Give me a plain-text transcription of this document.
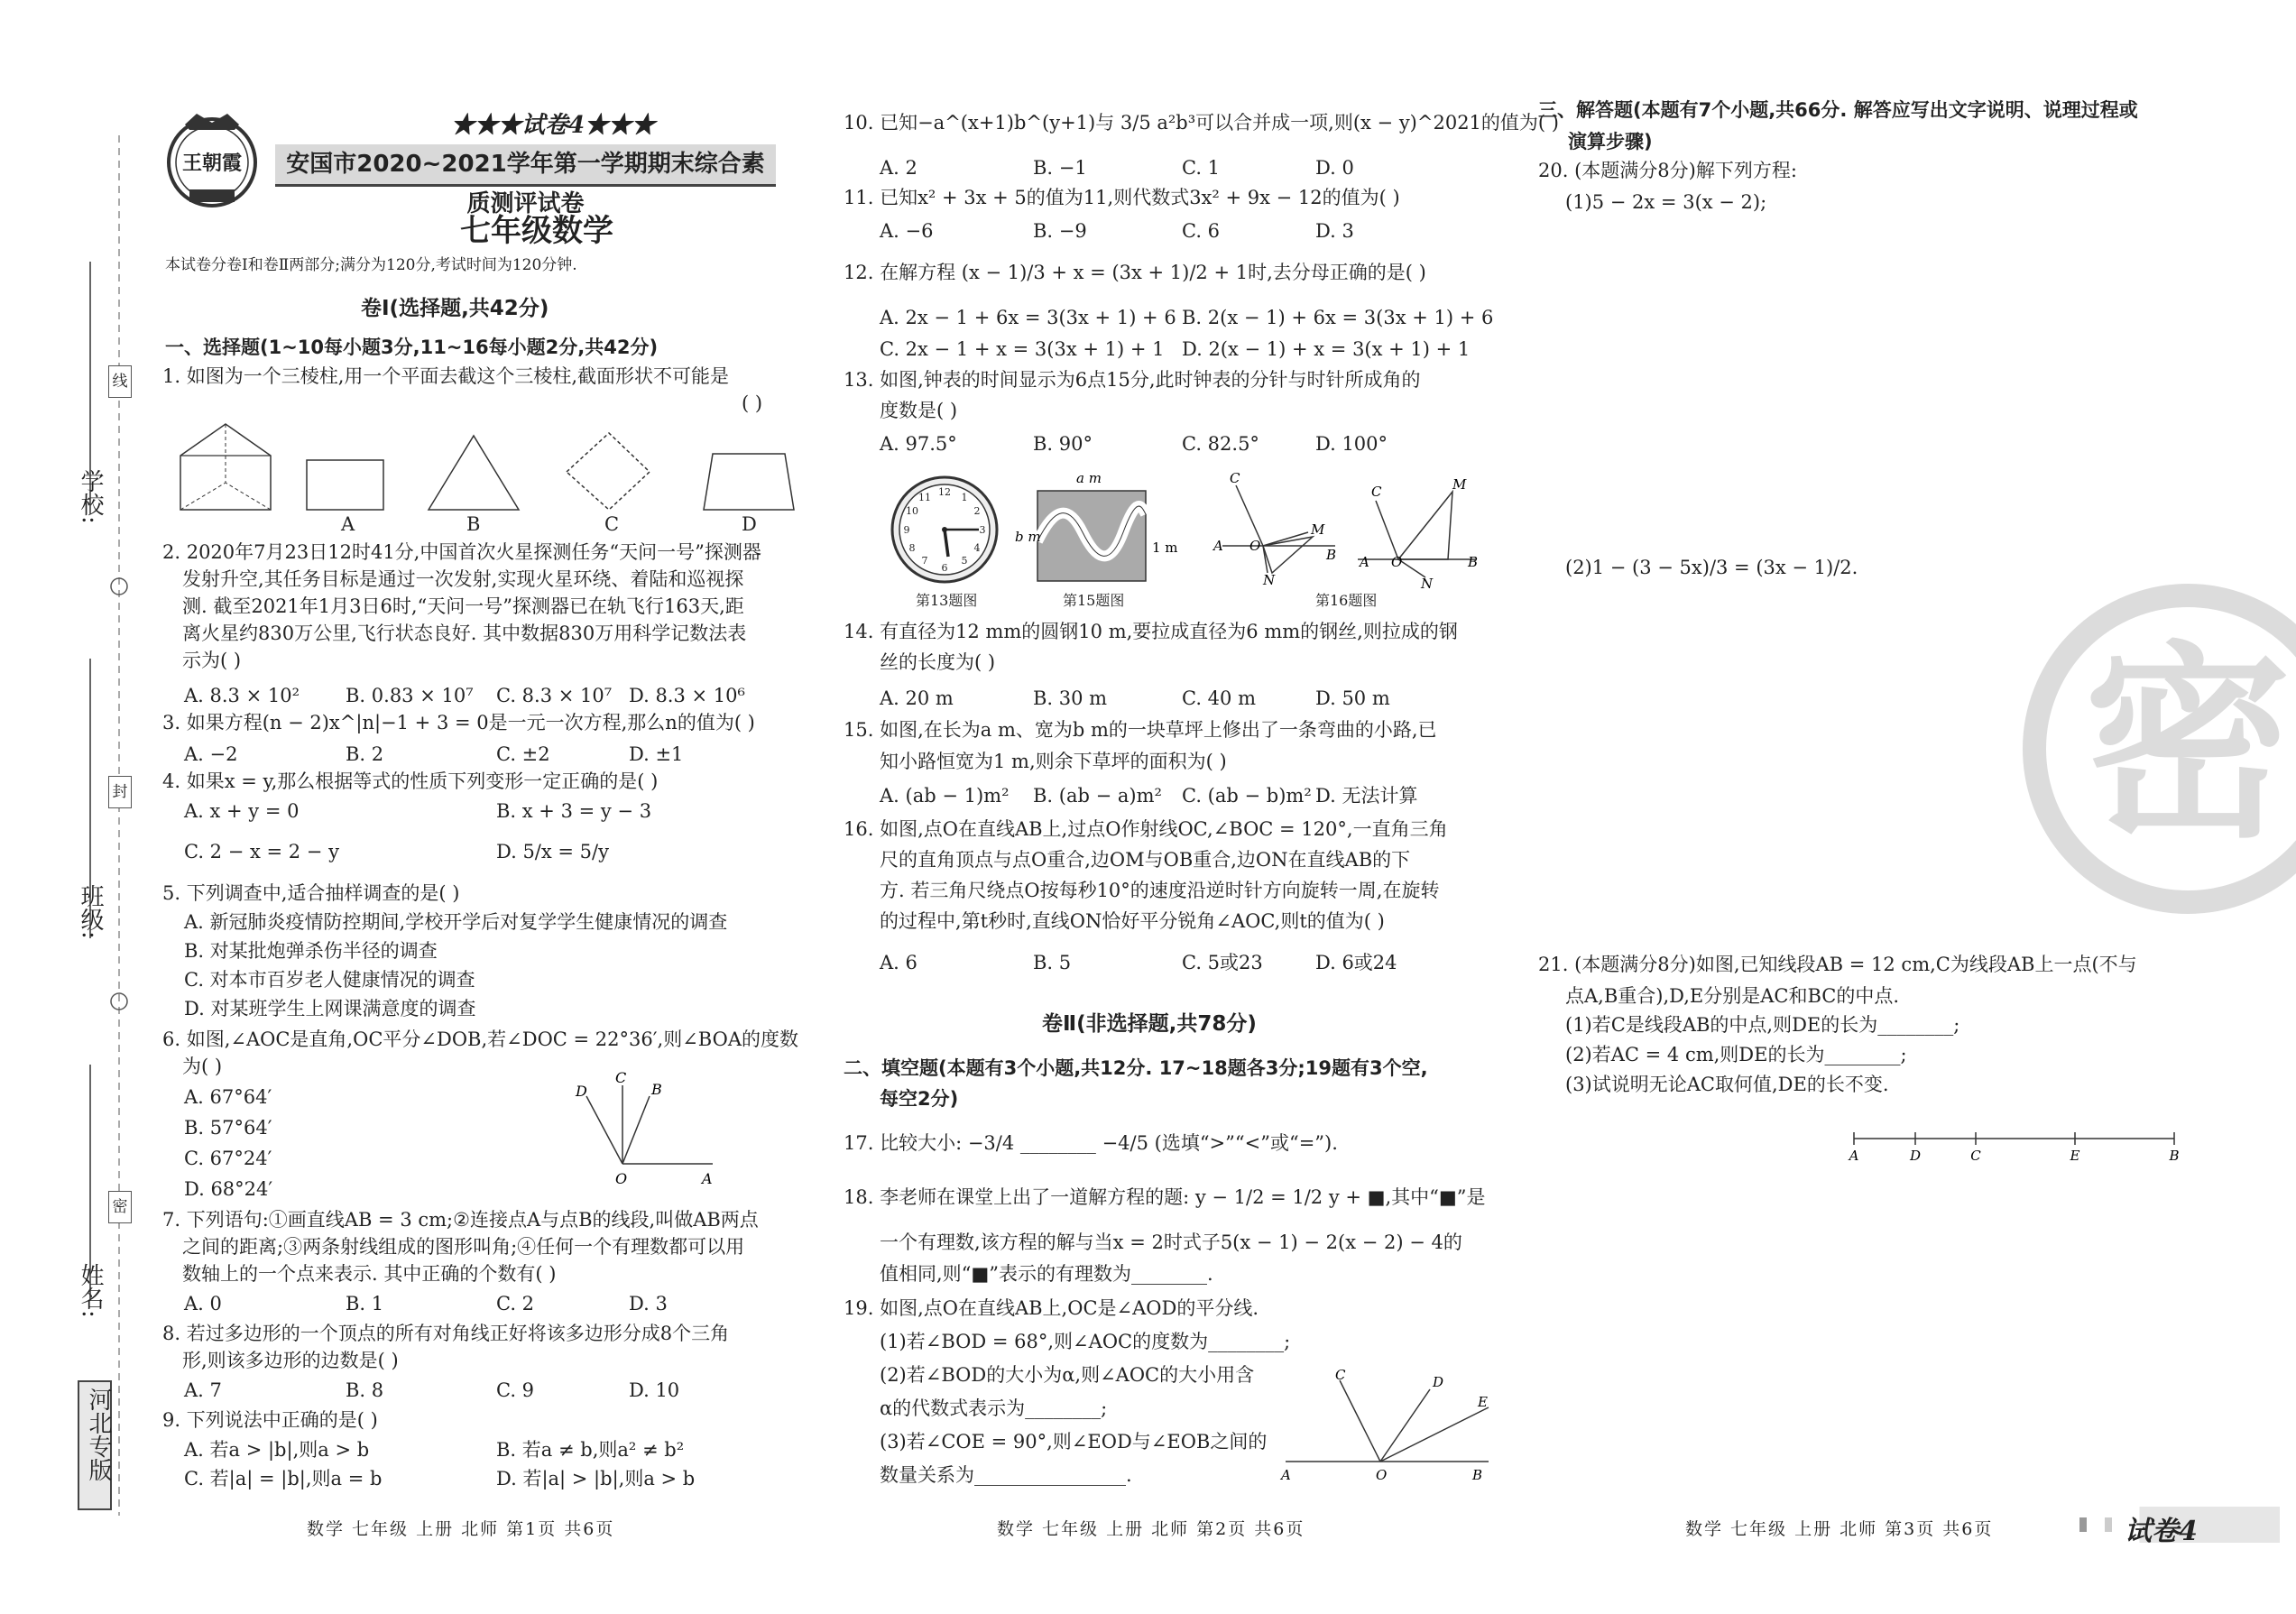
学校:
班级:
姓名:
线
封
密
河北专版
王朝霞
★★★试卷4★★★
安国市2020~2021学年第一学期期末综合素质测评试卷
七年级数学
本试卷分卷Ⅰ和卷Ⅱ两部分;满分为120分,考试时间为120分钟.
卷Ⅰ(选择题,共42分)
一、选择题(1~10每小题3分,11~16每小题2分,共42分)
1. 如图为一个三棱柱,用一个平面去截这个三棱柱,截面形状不可能是
( )
A	B	C	D
2. 2020年7月23日12时41分,中国首次火星探测任务“天问一号”探测器
发射升空,其任务目标是通过一次发射,实现火星环绕、着陆和巡视探
测. 截至2021年1月3日6时,“天问一号”探测器已在轨飞行163天,距
离火星约830万公里,飞行状态良好. 其中数据830万用科学记数法表
示为( )
A. 8.3 × 10² B. 0.83 × 10⁷ C. 8.3 × 10⁷ D. 8.3 × 10⁶
3. 如果方程(n − 2)x^|n|−1 + 3 = 0是一元一次方程,那么n的值为( )
A. −2	B. 2	C. ±2	D. ±1
4. 如果x = y,那么根据等式的性质下列变形一定正确的是( )
A. x + y = 0	B. x + 3 = y − 3
C. 2 − x = 2 − y	D. 5/x = 5/y
5. 下列调查中,适合抽样调查的是( )
A. 新冠肺炎疫情防控期间,学校开学后对复学学生健康情况的调查
B. 对某批炮弹杀伤半径的调查
C. 对本市百岁老人健康情况的调查
D. 对某班学生上网课满意度的调查
6. 如图,∠AOC是直角,OC平分∠DOB,若∠DOC = 22°36′,则∠BOA的度数
为( )
A. 67°64′
B. 57°64′
C. 67°24′
D. 68°24′
D
C
B
O	A
7. 下列语句:①画直线AB = 3 cm;②连接点A与点B的线段,叫做AB两点
之间的距离;③两条射线组成的图形叫角;④任何一个有理数都可以用
数轴上的一个点来表示. 其中正确的个数有( )
A. 0	B. 1	C. 2	D. 3
8. 若过多边形的一个顶点的所有对角线正好将该多边形分成8个三角
形,则该多边形的边数是( )
A. 7	B. 8	C. 9	D. 10
9. 下列说法中正确的是( )
A. 若a > |b|,则a > b	B. 若a ≠ b,则a² ≠ b²
C. 若|a| = |b|,则a = b	D. 若|a| > |b|,则a > b
数学 七年级 上册 北师 第1页 共6页
10. 已知−a^(x+1)b^(y+1)与 3/5 a²b³可以合并成一项,则(x − y)^2021的值为( )
A. 2	B. −1	C. 1	D. 0
11. 已知x² + 3x + 5的值为11,则代数式3x² + 9x − 12的值为( )
A. −6	B. −9	C. 6	D. 3
12. 在解方程 (x − 1)/3 + x = (3x + 1)/2 + 1时,去分母正确的是( )
A. 2x − 1 + 6x = 3(3x + 1) + 6 B. 2(x − 1) + 6x = 3(3x + 1) + 6
C. 2x − 1 + x = 3(3x + 1) + 1 D. 2(x − 1) + x = 3(x + 1) + 1
13. 如图,钟表的时间显示为6点15分,此时钟表的分针与时针所成角的
度数是( )
A. 97.5°	B. 90°	C. 82.5°	D. 100°
12 1
2
3
4
5
6
7
8
9
10
11
a m
b m
1 m
C
A O
M
B
N
C	M
A O	B
N
第13题图	第15题图	第16题图
14. 有直径为12 mm的圆钢10 m,要拉成直径为6 mm的钢丝,则拉成的钢
丝的长度为( )
A. 20 m	B. 30 m	C. 40 m	D. 50 m
15. 如图,在长为a m、宽为b m的一块草坪上修出了一条弯曲的小路,已
知小路恒宽为1 m,则余下草坪的面积为( )
A. (ab − 1)m² B. (ab − a)m² C. (ab − b)m² D. 无法计算
16. 如图,点O在直线AB上,过点O作射线OC,∠BOC = 120°,一直角三角
尺的直角顶点与点O重合,边OM与OB重合,边ON在直线AB的下
方. 若三角尺绕点O按每秒10°的速度沿逆时针方向旋转一周,在旋转
的过程中,第t秒时,直线ON恰好平分锐角∠AOC,则t的值为( )
A. 6	B. 5	C. 5或23	D. 6或24
卷Ⅱ(非选择题,共78分)
二、填空题(本题有3个小题,共12分. 17~18题各3分;19题有3个空,
每空2分)
17. 比较大小: −3/4 ________ −4/5 (选填“>”“<”或“=”).
18. 李老师在课堂上出了一道解方程的题: y − 1/2 = 1/2 y + ■,其中“■”是
一个有理数,该方程的解与当x = 2时式子5(x − 1) − 2(x − 2) − 4的
值相同,则“■”表示的有理数为________.
19. 如图,点O在直线AB上,OC是∠AOD的平分线.
(1)若∠BOD = 68°,则∠AOC的度数为________;
(2)若∠BOD的大小为α,则∠AOC的大小用含
α的代数式表示为________;
(3)若∠COE = 90°,则∠EOD与∠EOB之间的
数量关系为________________.
C	D
E
A	O	B
数学 七年级 上册 北师 第2页 共6页
密
三、解答题(本题有7个小题,共66分. 解答应写出文字说明、说理过程或
演算步骤)
20. (本题满分8分)解下列方程:
(1)5 − 2x = 3(x − 2);
(2)1 − (3 − 5x)/3 = (3x − 1)/2.
21. (本题满分8分)如图,已知线段AB = 12 cm,C为线段AB上一点(不与
点A,B重合),D,E分别是AC和BC的中点.
(1)若C是线段AB的中点,则DE的长为________;
(2)若AC = 4 cm,则DE的长为________;
(3)试说明无论AC取何值,DE的长不变.
A	D	C	E	B
数学 七年级 上册 北师 第3页 共6页	试卷4
